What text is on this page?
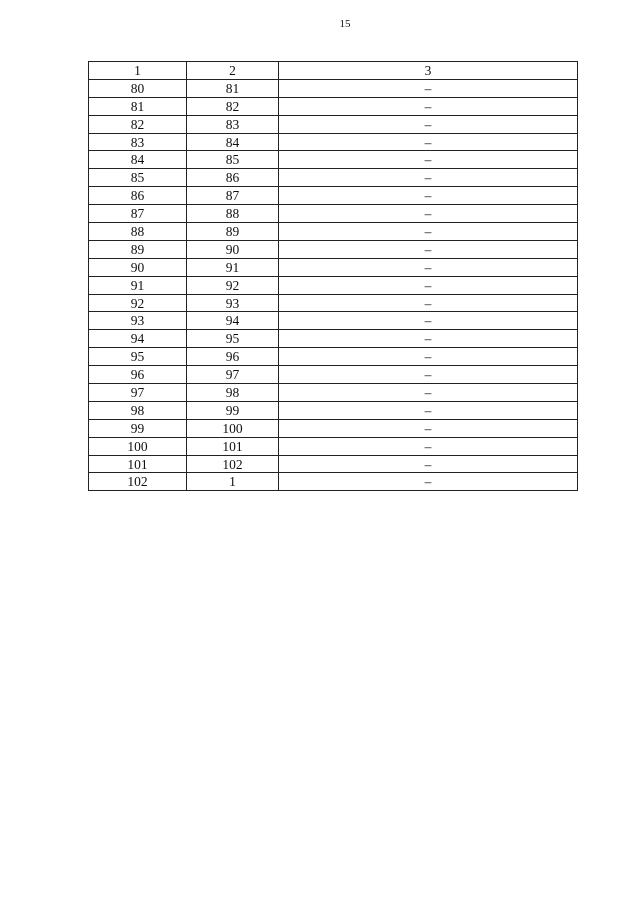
15
1	2	3
80	81	–
81	82	–
82	83	–
83	84	–
84	85	–
85	86	–
86	87	–
87	88	–
88	89	–
89	90	–
90	91	–
91	92	–
92	93	–
93	94	–
94	95	–
95	96	–
96	97	–
97	98	–
98	99	–
99	100	–
100	101	–
101	102	–
102	1	–
